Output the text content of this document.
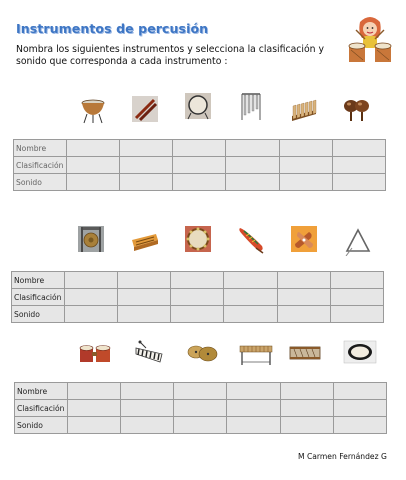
Instrumentos de percusión
Nombra los siguientes instrumentos y selecciona la clasificación y sonido que corresponda a cada instrumento :
Nombre						
Clasificación						
Sonido						
Nombre						
Clasificación						
Sonido						
Nombre						
Clasificación						
Sonido						
M Carmen Fernández G
